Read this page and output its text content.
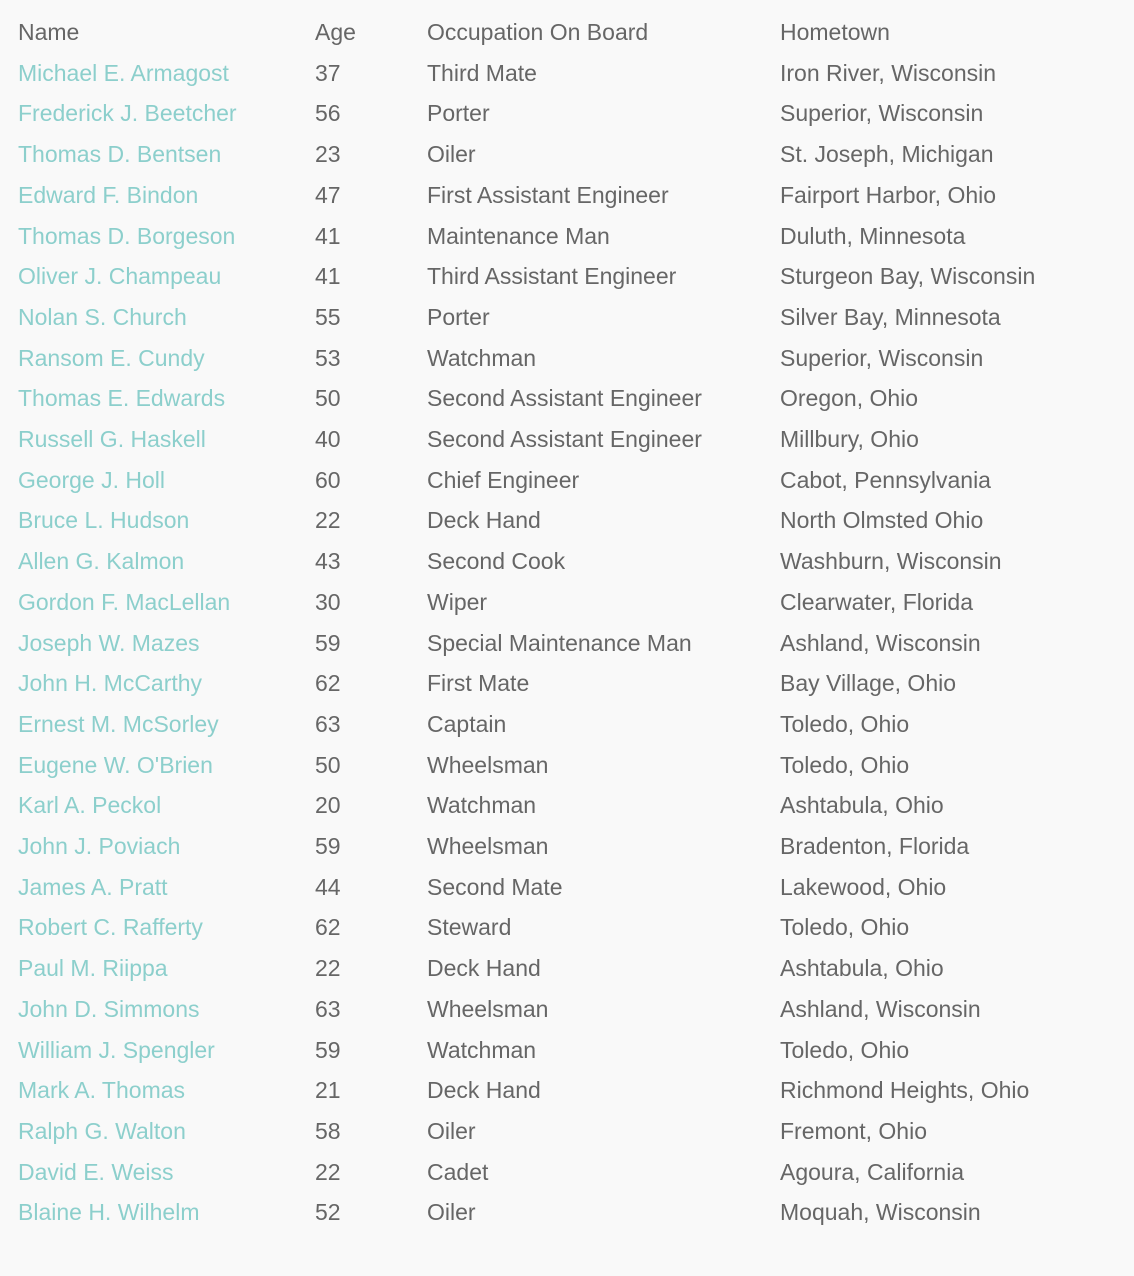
Name	Age	Occupation On Board	Hometown
Michael E. Armagost	37	Third Mate	Iron River, Wisconsin
Frederick J. Beetcher	56	Porter	Superior, Wisconsin
Thomas D. Bentsen	23	Oiler	St. Joseph, Michigan
Edward F. Bindon	47	First Assistant Engineer	Fairport Harbor, Ohio
Thomas D. Borgeson	41	Maintenance Man	Duluth, Minnesota
Oliver J. Champeau	41	Third Assistant Engineer	Sturgeon Bay, Wisconsin
Nolan S. Church	55	Porter	Silver Bay, Minnesota
Ransom E. Cundy	53	Watchman	Superior, Wisconsin
Thomas E. Edwards	50	Second Assistant Engineer	Oregon, Ohio
Russell G. Haskell	40	Second Assistant Engineer	Millbury, Ohio
George J. Holl	60	Chief Engineer	Cabot, Pennsylvania
Bruce L. Hudson	22	Deck Hand	North Olmsted Ohio
Allen G. Kalmon	43	Second Cook	Washburn, Wisconsin
Gordon F. MacLellan	30	Wiper	Clearwater, Florida
Joseph W. Mazes	59	Special Maintenance Man	Ashland, Wisconsin
John H. McCarthy	62	First Mate	Bay Village, Ohio
Ernest M. McSorley	63	Captain	Toledo, Ohio
Eugene W. O'Brien	50	Wheelsman	Toledo, Ohio
Karl A. Peckol	20	Watchman	Ashtabula, Ohio
John J. Poviach	59	Wheelsman	Bradenton, Florida
James A. Pratt	44	Second Mate	Lakewood, Ohio
Robert C. Rafferty	62	Steward	Toledo, Ohio
Paul M. Riippa	22	Deck Hand	Ashtabula, Ohio
John D. Simmons	63	Wheelsman	Ashland, Wisconsin
William J. Spengler	59	Watchman	Toledo, Ohio
Mark A. Thomas	21	Deck Hand	Richmond Heights, Ohio
Ralph G. Walton	58	Oiler	Fremont, Ohio
David E. Weiss	22	Cadet	Agoura, California
Blaine H. Wilhelm	52	Oiler	Moquah, Wisconsin
